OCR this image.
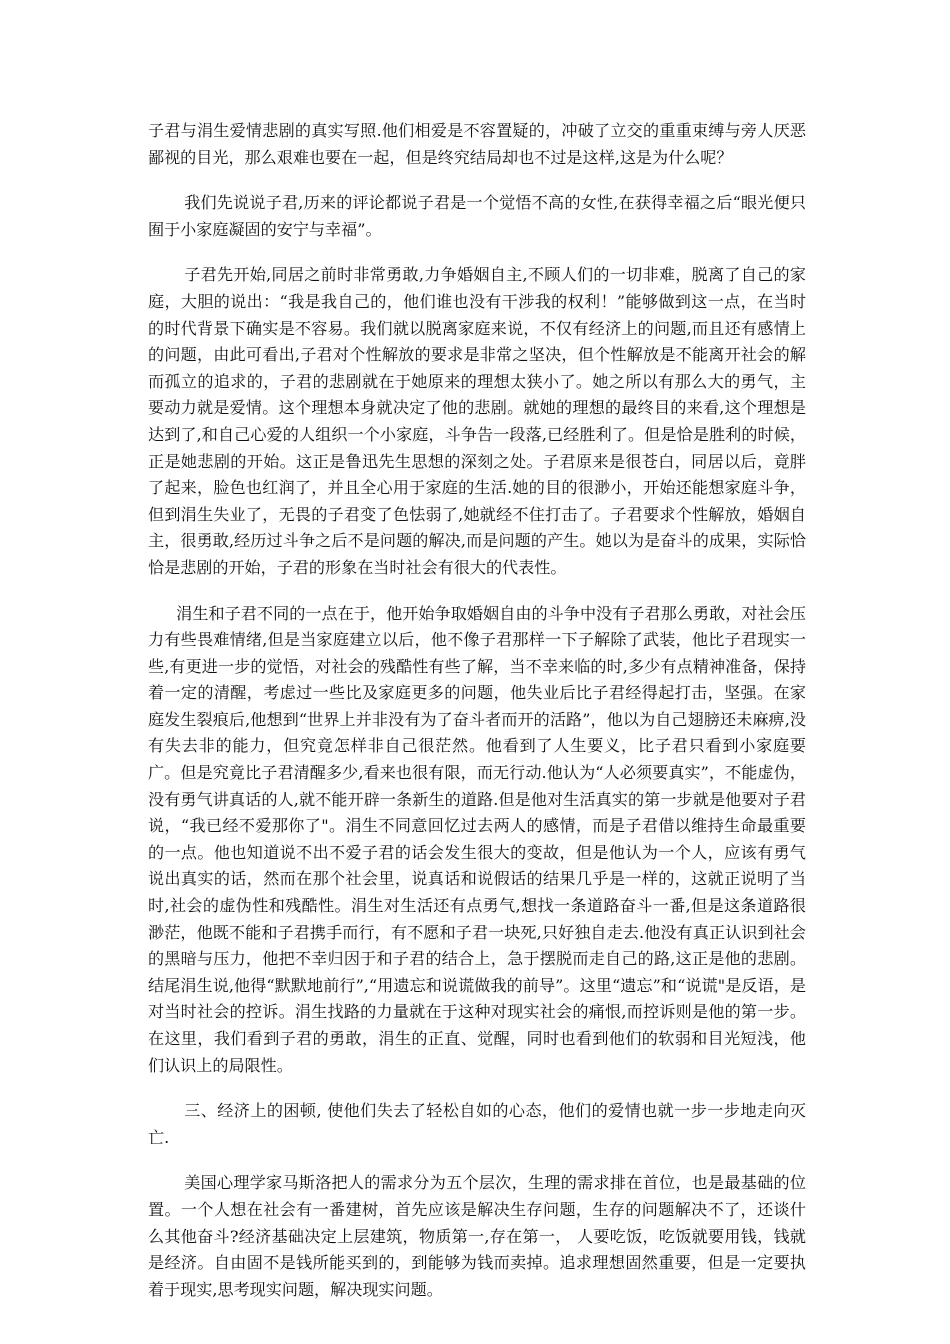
子君与涓生爱情悲剧的真实写照.他们相爱是不容置疑的，冲破了立交的重重束缚与旁人厌恶鄙视的目光，那么艰难也要在一起，但是终究结局却也不过是这样,这是为什么呢？

我们先说说子君,历来的评论都说子君是一个觉悟不高的女性,在获得幸福之后“眼光便只囿于小家庭凝固的安宁与幸福”。

子君先开始,同居之前时非常勇敢,力争婚姻自主,不顾人们的一切非难，脱离了自己的家庭，大胆的说出：“我是我自己的，他们谁也没有干涉我的权利！”能够做到这一点，在当时的时代背景下确实是不容易。我们就以脱离家庭来说，不仅有经济上的问题,而且还有感情上的问题，由此可看出,子君对个性解放的要求是非常之坚决，但个性解放是不能离开社会的解而孤立的追求的，子君的悲剧就在于她原来的理想太狭小了。她之所以有那么大的勇气，主要动力就是爱情。这个理想本身就决定了他的悲剧。就她的理想的最终目的来看,这个理想是达到了,和自己心爱的人组织一个小家庭，斗争告一段落,已经胜利了。但是恰是胜利的时候，正是她悲剧的开始。这正是鲁迅先生思想的深刻之处。子君原来是很苍白，同居以后，竟胖了起来，脸色也红润了，并且全心用于家庭的生活.她的目的很渺小，开始还能想家庭斗争，但到涓生失业了，无畏的子君变了色怯弱了,她就经不住打击了。子君要求个性解放，婚姻自主，很勇敢,经历过斗争之后不是问题的解决,而是问题的产生。她以为是奋斗的成果，实际恰恰是悲剧的开始，子君的形象在当时社会有很大的代表性。

涓生和子君不同的一点在于，他开始争取婚姻自由的斗争中没有子君那么勇敢，对社会压力有些畏难情绪,但是当家庭建立以后，他不像子君那样一下子解除了武装，他比子君现实一些,有更进一步的觉悟，对社会的残酷性有些了解，当不幸来临的时,多少有点精神准备，保持着一定的清醒，考虑过一些比及家庭更多的问题，他失业后比子君经得起打击，坚强。在家庭发生裂痕后,他想到“世界上并非没有为了奋斗者而开的活路”，他以为自己翅膀还未麻痹,没有失去非的能力，但究竟怎样非自己很茫然。他看到了人生要义，比子君只看到小家庭要广。但是究竟比子君清醒多少,看来也很有限，而无行动.他认为“人必须要真实”，不能虚伪，没有勇气讲真话的人,就不能开辟一条新生的道路.但是他对生活真实的第一步就是他要对子君说，“我已经不爱那你了"。涓生不同意回忆过去两人的感情，而是子君借以维持生命最重要的一点。他也知道说不出不爱子君的话会发生很大的变故，但是他认为一个人，应该有勇气说出真实的话，然而在那个社会里，说真话和说假话的结果几乎是一样的，这就正说明了当时,社会的虚伪性和残酷性。涓生对生活还有点勇气,想找一条道路奋斗一番,但是这条道路很渺茫，他既不能和子君携手而行，有不愿和子君一块死,只好独自走去.他没有真正认识到社会的黑暗与压力，他把不幸归因于和子君的结合上，急于摆脱而走自己的路,这正是他的悲剧。结尾涓生说,他得“默默地前行”,“用遗忘和说谎做我的前导”。这里“遗忘”和“说谎"是反语，是对当时社会的控诉。涓生找路的力量就在于这种对现实社会的痛恨,而控诉则是他的第一步。在这里，我们看到子君的勇敢，涓生的正直、觉醒，同时也看到他们的软弱和目光短浅，他们认识上的局限性。

三、经济上的困顿, 使他们失去了轻松自如的心态，他们的爱情也就一步一步地走向灭亡.

美国心理学家马斯洛把人的需求分为五个层次，生理的需求排在首位，也是最基础的位置。一个人想在社会有一番建树，首先应该是解决生存问题，生存的问题解决不了，还谈什么其他奋斗?经济基础决定上层建筑，物质第一,存在第一， 人要吃饭，吃饭就要用钱，钱就是经济。自由固不是钱所能买到的，到能够为钱而卖掉。追求理想固然重要，但是一定要执着于现实,思考现实问题，解决现实问题。
